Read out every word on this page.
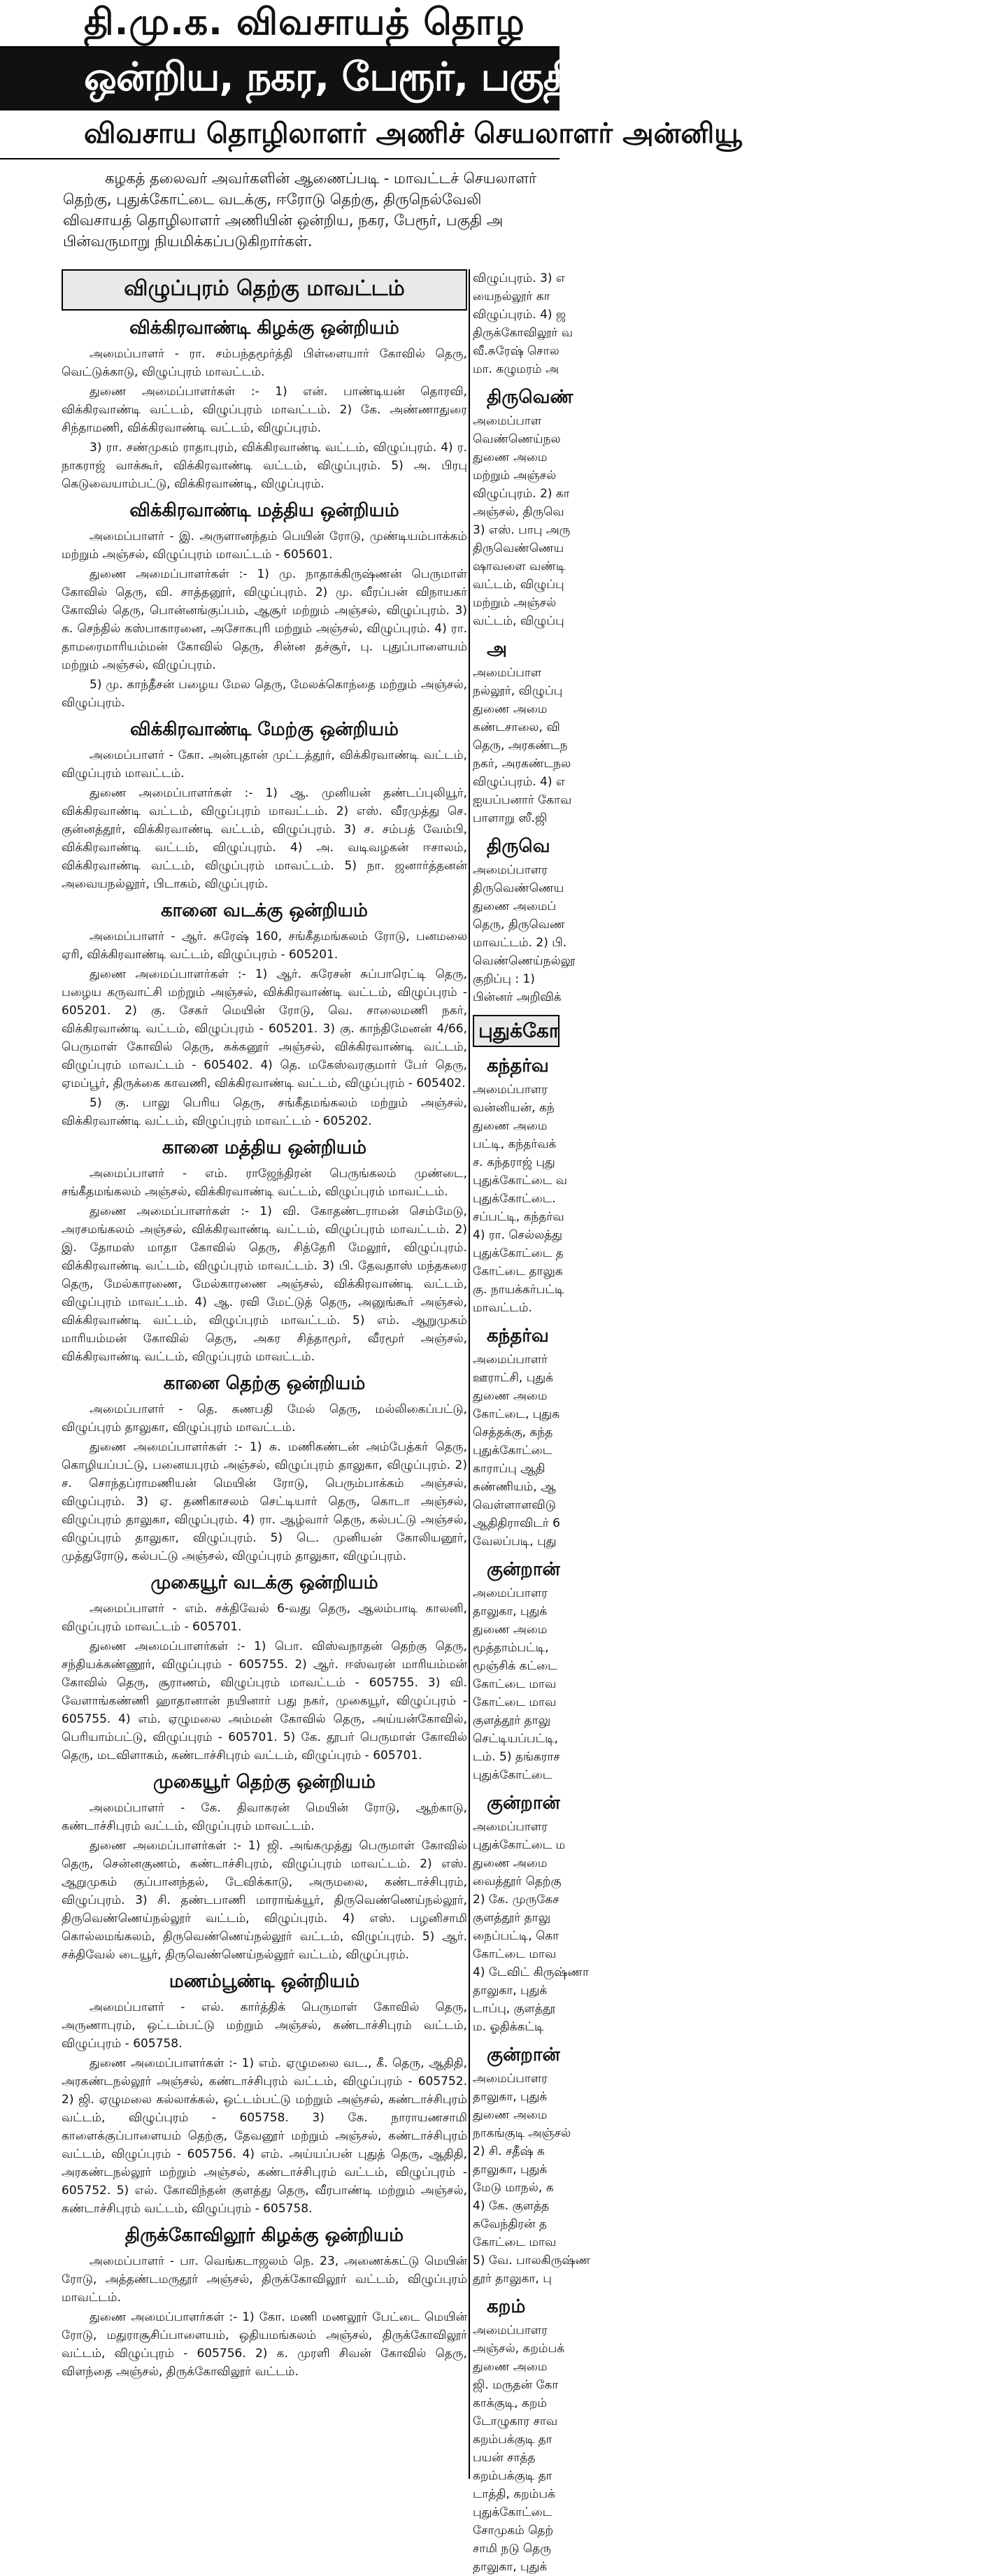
தி.மு.க. விவசாயத் தொழ
ஒன்றிய, நகர, பேரூர், பகுதி அமைப்பாளர் - துணை
விவசாய தொழிலாளர் அணிச் செயலாளர் அன்னியூ

கழகத் தலைவர் அவர்களின் ஆணைப்படி - மாவட்டச் செயலாளர் தெற்கு, புதுக்கோட்டை வடக்கு, ஈரோடு தெற்கு, திருநெல்வேலி விவசாயத் தொழிலாளர் அணியின் ஒன்றிய, நகர, பேரூர், பகுதி அ பின்வருமாறு நியமிக்கப்படுகிறார்கள்.

விழுப்புரம் தெற்கு மாவட்டம்
விக்கிரவாண்டி கிழக்கு ஒன்றியம்

அமைப்பாளர் - ரா. சம்பந்தமூர்த்தி பிள்ளையார் கோவில் தெரு, வெட்டுக்காடு, விழுப்புரம் மாவட்டம்.

துணை அமைப்பாளர்கள் :- 1) என். பாண்டியன் தொரவி, விக்கிரவாண்டி வட்டம், விழுப்புரம் மாவட்டம். 2) கே. அண்ணாதுரை சிந்தாமணி, விக்கிரவாண்டி வட்டம், விழுப்புரம்.

3) ரா. சண்முகம் ராதாபுரம், விக்கிரவாண்டி வட்டம், விழுப்புரம். 4) ர. நாகராஜ் வாக்கூர், விக்கிரவாண்டி வட்டம், விழுப்புரம். 5) அ. பிரபு கெடுவையாம்பட்டு, விக்கிரவாண்டி, விழுப்புரம்.

விக்கிரவாண்டி மத்திய ஒன்றியம்

அமைப்பாளர் - இ. அருளானந்தம் பெயின் ரோடு, முண்டியம்பாக்கம் மற்றும் அஞ்சல், விழுப்புரம் மாவட்டம் - 605601.

துணை அமைப்பாளர்கள் :- 1) மு. நாதாக்கிருஷ்ணன் பெருமாள் கோவில் தெரு, வி. சாத்தனூர், விழுப்புரம். 2) மு. வீரப்பன் விநாயகர் கோவில் தெரு, பொன்னங்குப்பம், ஆசூர் மற்றும் அஞ்சல், விழுப்புரம். 3) க. செந்தில் கஸ்பாகாரனை, அசோகபுரி மற்றும் அஞ்சல், விழுப்புரம். 4) ரா. தாமரைமாரியம்மன் கோவில் தெரு, சின்ன தச்சூர், பு. புதுப்பாளையம் மற்றும் அஞ்சல், விழுப்புரம்.

5) மு. காந்தீசன் பழைய மேல தெரு, மேலக்கொந்தை மற்றும் அஞ்சல், விழுப்புரம்.

விக்கிரவாண்டி மேற்கு ஒன்றியம்

அமைப்பாளர் - கோ. அன்புதான் முட்டத்தூர், விக்கிரவாண்டி வட்டம், விழுப்புரம் மாவட்டம்.

துணை அமைப்பாளர்கள் :- 1) ஆ. முனியன் தண்டப்புலியூர், விக்கிரவாண்டி வட்டம், விழுப்புரம் மாவட்டம். 2) எஸ். வீரமுத்து செ. குன்னத்தூர், விக்கிரவாண்டி வட்டம், விழுப்புரம். 3) ச. சம்பத் வேம்பி, விக்கிரவாண்டி வட்டம், விழுப்புரம். 4) அ. வடிவழகன் ஈசாலம், விக்கிரவாண்டி வட்டம், விழுப்புரம் மாவட்டம். 5) நா. ஜனார்த்தனன் அவையநல்லூர், பிடாகம், விழுப்புரம்.

கானை வடக்கு ஒன்றியம்

அமைப்பாளர் - ஆர். சுரேஷ் 160, சங்கீதமங்கலம் ரோடு, பனமலை ஏரி, விக்கிரவாண்டி வட்டம், விழுப்புரம் - 605201.

துணை அமைப்பாளர்கள் :- 1) ஆர். சுரேசன் சுப்பாரெட்டி தெரு, பழைய கருவாட்சி மற்றும் அஞ்சல், விக்கிரவாண்டி வட்டம், விழுப்புரம் - 605201. 2) கு. சேகர் மெயின் ரோடு, வெ. சாலைமணி நகர், விக்கிரவாண்டி வட்டம், விழுப்புரம் - 605201. 3) கு. காந்திமேனன் 4/66, பெருமாள் கோவில் தெரு, கக்கனூர் அஞ்சல், விக்கிரவாண்டி வட்டம், விழுப்புரம் மாவட்டம் - 605402. 4) தெ. மகேஸ்வரகுமார் பேர் தெரு, ஏமப்பூர், திருக்கை காவணி, விக்கிரவாண்டி வட்டம், விழுப்புரம் - 605402.

5) கு. பாலு பெரிய தெரு, சங்கீதமங்கலம் மற்றும் அஞ்சல், விக்கிரவாண்டி வட்டம், விழுப்புரம் மாவட்டம் - 605202.

கானை மத்திய ஒன்றியம்

அமைப்பாளர் - எம். ராஜேந்திரன் பெருங்கலம் முண்டை, சங்கீதமங்கலம் அஞ்சல், விக்கிரவாண்டி வட்டம், விழுப்புரம் மாவட்டம்.

துணை அமைப்பாளர்கள் :- 1) வி. கோதண்டராமன் செம்மேடு, அரசமங்கலம் அஞ்சல், விக்கிரவாண்டி வட்டம், விழுப்புரம் மாவட்டம். 2) இ. தோமஸ் மாதா கோவில் தெரு, சித்தேரி மேலூர், விழுப்புரம். விக்கிரவாண்டி வட்டம், விழுப்புரம் மாவட்டம். 3) பி. தேவதாஸ் மந்தகரை தெரு, மேல்காரணை, மேல்காரணை அஞ்சல், விக்கிரவாண்டி வட்டம், விழுப்புரம் மாவட்டம். 4) ஆ. ரவி மேட்டுத் தெரு, அனுங்கூர் அஞ்சல், விக்கிரவாண்டி வட்டம், விழுப்புரம் மாவட்டம். 5) எம். ஆறுமுகம் மாரியம்மன் கோவில் தெரு, அகர சித்தாமூர், வீரமூர் அஞ்சல், விக்கிரவாண்டி வட்டம், விழுப்புரம் மாவட்டம்.

கானை தெற்கு ஒன்றியம்

அமைப்பாளர் - தெ. கணபதி மேல் தெரு, மல்லிகைப்பட்டு, விழுப்புரம் தாலுகா, விழுப்புரம் மாவட்டம்.

துணை அமைப்பாளர்கள் :- 1) சு. மணிகண்டன் அம்பேத்கர் தெரு, கொழியப்பட்டு, பனையபுரம் அஞ்சல், விழுப்புரம் தாலுகா, விழுப்புரம். 2) ச. சொந்தப்ராமணியன் மெயின் ரோடு, பெரும்பாக்கம் அஞ்சல், விழுப்புரம். 3) ஏ. தணிகாசலம் செட்டியார் தெரு, கொடா அஞ்சல், விழுப்புரம் தாலுகா, விழுப்புரம். 4) ரா. ஆழ்வார் தெரு, கல்பட்டு அஞ்சல், விழுப்புரம் தாலுகா, விழுப்புரம். 5) டெ. முனியன் கோலியனூர், முத்துரோடு, கல்பட்டு அஞ்சல், விழுப்புரம் தாலுகா, விழுப்புரம்.

முகையூர் வடக்கு ஒன்றியம்

அமைப்பாளர் - எம். சக்திவேல் 6-வது தெரு, ஆலம்பாடி காலனி, விழுப்புரம் மாவட்டம் - 605701.

துணை அமைப்பாளர்கள் :- 1) பொ. விஸ்வநாதன் தெற்கு தெரு, சந்தியக்கண்ணூர், விழுப்புரம் - 605755. 2) ஆர். ஈஸ்வரன் மாரியம்மன் கோவில் தெரு, சூராணம், விழுப்புரம் மாவட்டம் - 605755. 3) வி. வேளாங்கண்ணி ஹாதானான் நயினார் பது நகர், முகையூர், விழுப்புரம் - 605755. 4) எம். ஏழுமலை அம்மன் கோவில் தெரு, அய்யன்கோவில், பெரியாம்பட்டு, விழுப்புரம் - 605701. 5) கே. தூபர் பெருமாள் கோவில் தெரு, மடவிளாகம், கண்டாச்சிபுரம் வட்டம், விழுப்புரம் - 605701.

முகையூர் தெற்கு ஒன்றியம்

அமைப்பாளர் - கே. திவாகரன் மெயின் ரோடு, ஆற்காடு, கண்டாச்சிபுரம் வட்டம், விழுப்புரம் மாவட்டம்.

துணை அமைப்பாளர்கள் :- 1) ஜி. அங்கமுத்து பெருமாள் கோவில் தெரு, சென்னகுணம், கண்டாச்சிபுரம், விழுப்புரம் மாவட்டம். 2) எஸ். ஆறுமுகம் குப்பானந்தல், டேவிக்காடு, அருமலை, கண்டாச்சிபுரம், விழுப்புரம். 3) சி. தண்டபாணி மாராங்க்யூர், திருவெண்ணெய்நல்லூர், திருவெண்ணெய்நல்லூர் வட்டம், விழுப்புரம். 4) எஸ். பழனிசாமி கொல்லமங்கலம், திருவெண்ணெய்நல்லூர் வட்டம், விழுப்புரம். 5) ஆர். சக்திவேல் டையூர், திருவெண்ணெய்நல்லூர் வட்டம், விழுப்புரம்.

மணம்பூண்டி ஒன்றியம்

அமைப்பாளர் - எல். கார்த்திக் பெருமாள் கோவில் தெரு, அருணாபுரம், ஒட்டம்பட்டு மற்றும் அஞ்சல், கண்டாச்சிபுரம் வட்டம், விழுப்புரம் - 605758.

துணை அமைப்பாளர்கள் :- 1) எம். ஏழுமலை வட., கீ. தெரு, ஆதிதி, அரகண்டநல்லூர் அஞ்சல், கண்டாச்சிபுரம் வட்டம், விழுப்புரம் - 605752. 2) ஜி. ஏழுமலை கல்லாக்கல், ஒட்டம்பட்டு மற்றும் அஞ்சல், கண்டாச்சிபுரம் வட்டம், விழுப்புரம் - 605758. 3) கே. நாராயணசாமி காளைக்குப்பாளையம் தெற்கு, தேவனூர் மற்றும் அஞ்சல், கண்டாச்சிபுரம் வட்டம், விழுப்புரம் - 605756. 4) எம். அய்யப்பன் புதுத் தெரு, ஆதிதி, அரகண்டநல்லூர் மற்றும் அஞ்சல், கண்டாச்சிபுரம் வட்டம், விழுப்புரம் - 605752. 5) எல். கோவிந்தன் குளத்து தெரு, வீரபாண்டி மற்றும் அஞ்சல், கண்டாச்சிபுரம் வட்டம், விழுப்புரம் - 605758.

திருக்கோவிலூர் கிழக்கு ஒன்றியம்

அமைப்பாளர் - பா. வெங்கடாஜலம் நெ. 23, அணைக்கட்டு மெயின் ரோடு, அத்தண்டமருதூர் அஞ்சல், திருக்கோவிலூர் வட்டம், விழுப்புரம் மாவட்டம்.

துணை அமைப்பாளர்கள் :- 1) கோ. மணி மணலூர் பேட்டை மெயின் ரோடு, மதுராசூசிப்பாளையம், ஒதியமங்கலம் அஞ்சல், திருக்கோவிலூர் வட்டம், விழுப்புரம் - 605756. 2) க. முரளி சிவன் கோவில் தெரு, விளந்தை அஞ்சல், திருக்கோவிலூர் வட்டம்.

விழுப்புரம். 3) எ
யைநல்லூர் கா
விழுப்புரம். 4) ஜ
திருக்கோவிலூர் வ
வீ.சுரேஷ் சொல
மா. கழுமரம் அ
திருவெண்
அமைப்பாள
வெண்ணெய்நல
துணை அமை
மற்றும் அஞ்சல்
விழுப்புரம். 2) கா
அஞ்சல், திருவெ
3) எஸ். பாபு அரு
திருவெண்ணெய
ஷாவளை வண்டி
வட்டம், விழுப்பு
மற்றும் அஞ்சல்
வட்டம், விழுப்பு
அ
அமைப்பாள
நல்லூர், விழுப்பு
துணை அமை
கண்டசாலை, வி
தெரு, அரகண்டந
நகர், அரகண்டநல
விழுப்புரம். 4) எ
ஐயப்பனார் கோவ
பாளாறு ஸீ.ஜி
திருவெ
அமைப்பாளர
திருவெண்ணெய
துணை அமைப்
தெரு, திருவெண
மாவட்டம். 2) பி.
வெண்ணெய்நல்லூ
குறிப்பு : 1)
பின்னர் அறிவிக்
புதுக்கோ
கந்தர்வ
அமைப்பாளர
வன்னியன், கந்
துணை அமை
பட்டி, கந்தர்வக்
ச. கந்தராஜ் புது
புதுக்கோட்டை வ
புதுக்கோட்டை.
சப்பட்டி, கந்தர்வ
4) ரா. செல்லத்து
புதுக்கோட்டை த
கோட்டை தாலுக
கு. நாயக்கர்பட்டி
மாவட்டம்.
கந்தர்வ
அமைப்பாளர்
ஊராட்சி, புதுக்
துணை அமை
கோட்டை, புதுக
செத்தக்கு, கந்த
புதுக்கோட்டை
காராப்பு ஆதி
சுண்ணியம், ஆ
வெள்ளாளவிடு
ஆதிதிராவிடர் 6
வேலப்படி, புது
குன்றான்
அமைப்பாளர
தாலுகா, புதுக்
துணை அமை
மூத்தாம்பட்டி,
மூஞ்சிக் கட்டை
கோட்டை மாவ
கோட்டை மாவ
குளத்தூர் தாலு
செட்டியப்பட்டி,
டம். 5) தங்கராச
புதுக்கோட்டை
குன்றான்
அமைப்பாளர
புதுக்கோட்டை ம
துணை அமை
வைத்தூர் தெற்கு
2) கே. முருகேச
குளத்தூர் தாலு
நைப்பட்டி, கொ
கோட்டை மாவ
4) டேவிட் கிருஷ்ணா
தாலுகா, புதுக்
டாப்பு, குளத்தூ
ம. ஓதிக்கட்டி
குன்றான்
அமைப்பாளர
தாலுகா, புதுக்
துணை அமை
நாகங்குடி அஞ்சல்
2) சி. சதீஷ் க
தாலுகா, புதுக்
மேடு மாநல், க
4) கே. குளத்த
சுவேந்திரன் த
கோட்டை மாவ
5) வே. பாலகிருஷ்ண
தூர் தாலுகா, பு
கறம்
அமைப்பாளர
அஞ்சல், கறம்பக்
துணை அமை
ஜி. மருதன் கோ
காக்குடி, கறம்
டோழுகார சாவ
கறம்பக்குடி தா
பயன் சாத்த
கறம்பக்குடி தா
டாத்தி, கறம்பக்
புதுக்கோட்டை
சோமுகம் தெற்
சாமி நடு தெரு
தாலுகா, புதுக்
